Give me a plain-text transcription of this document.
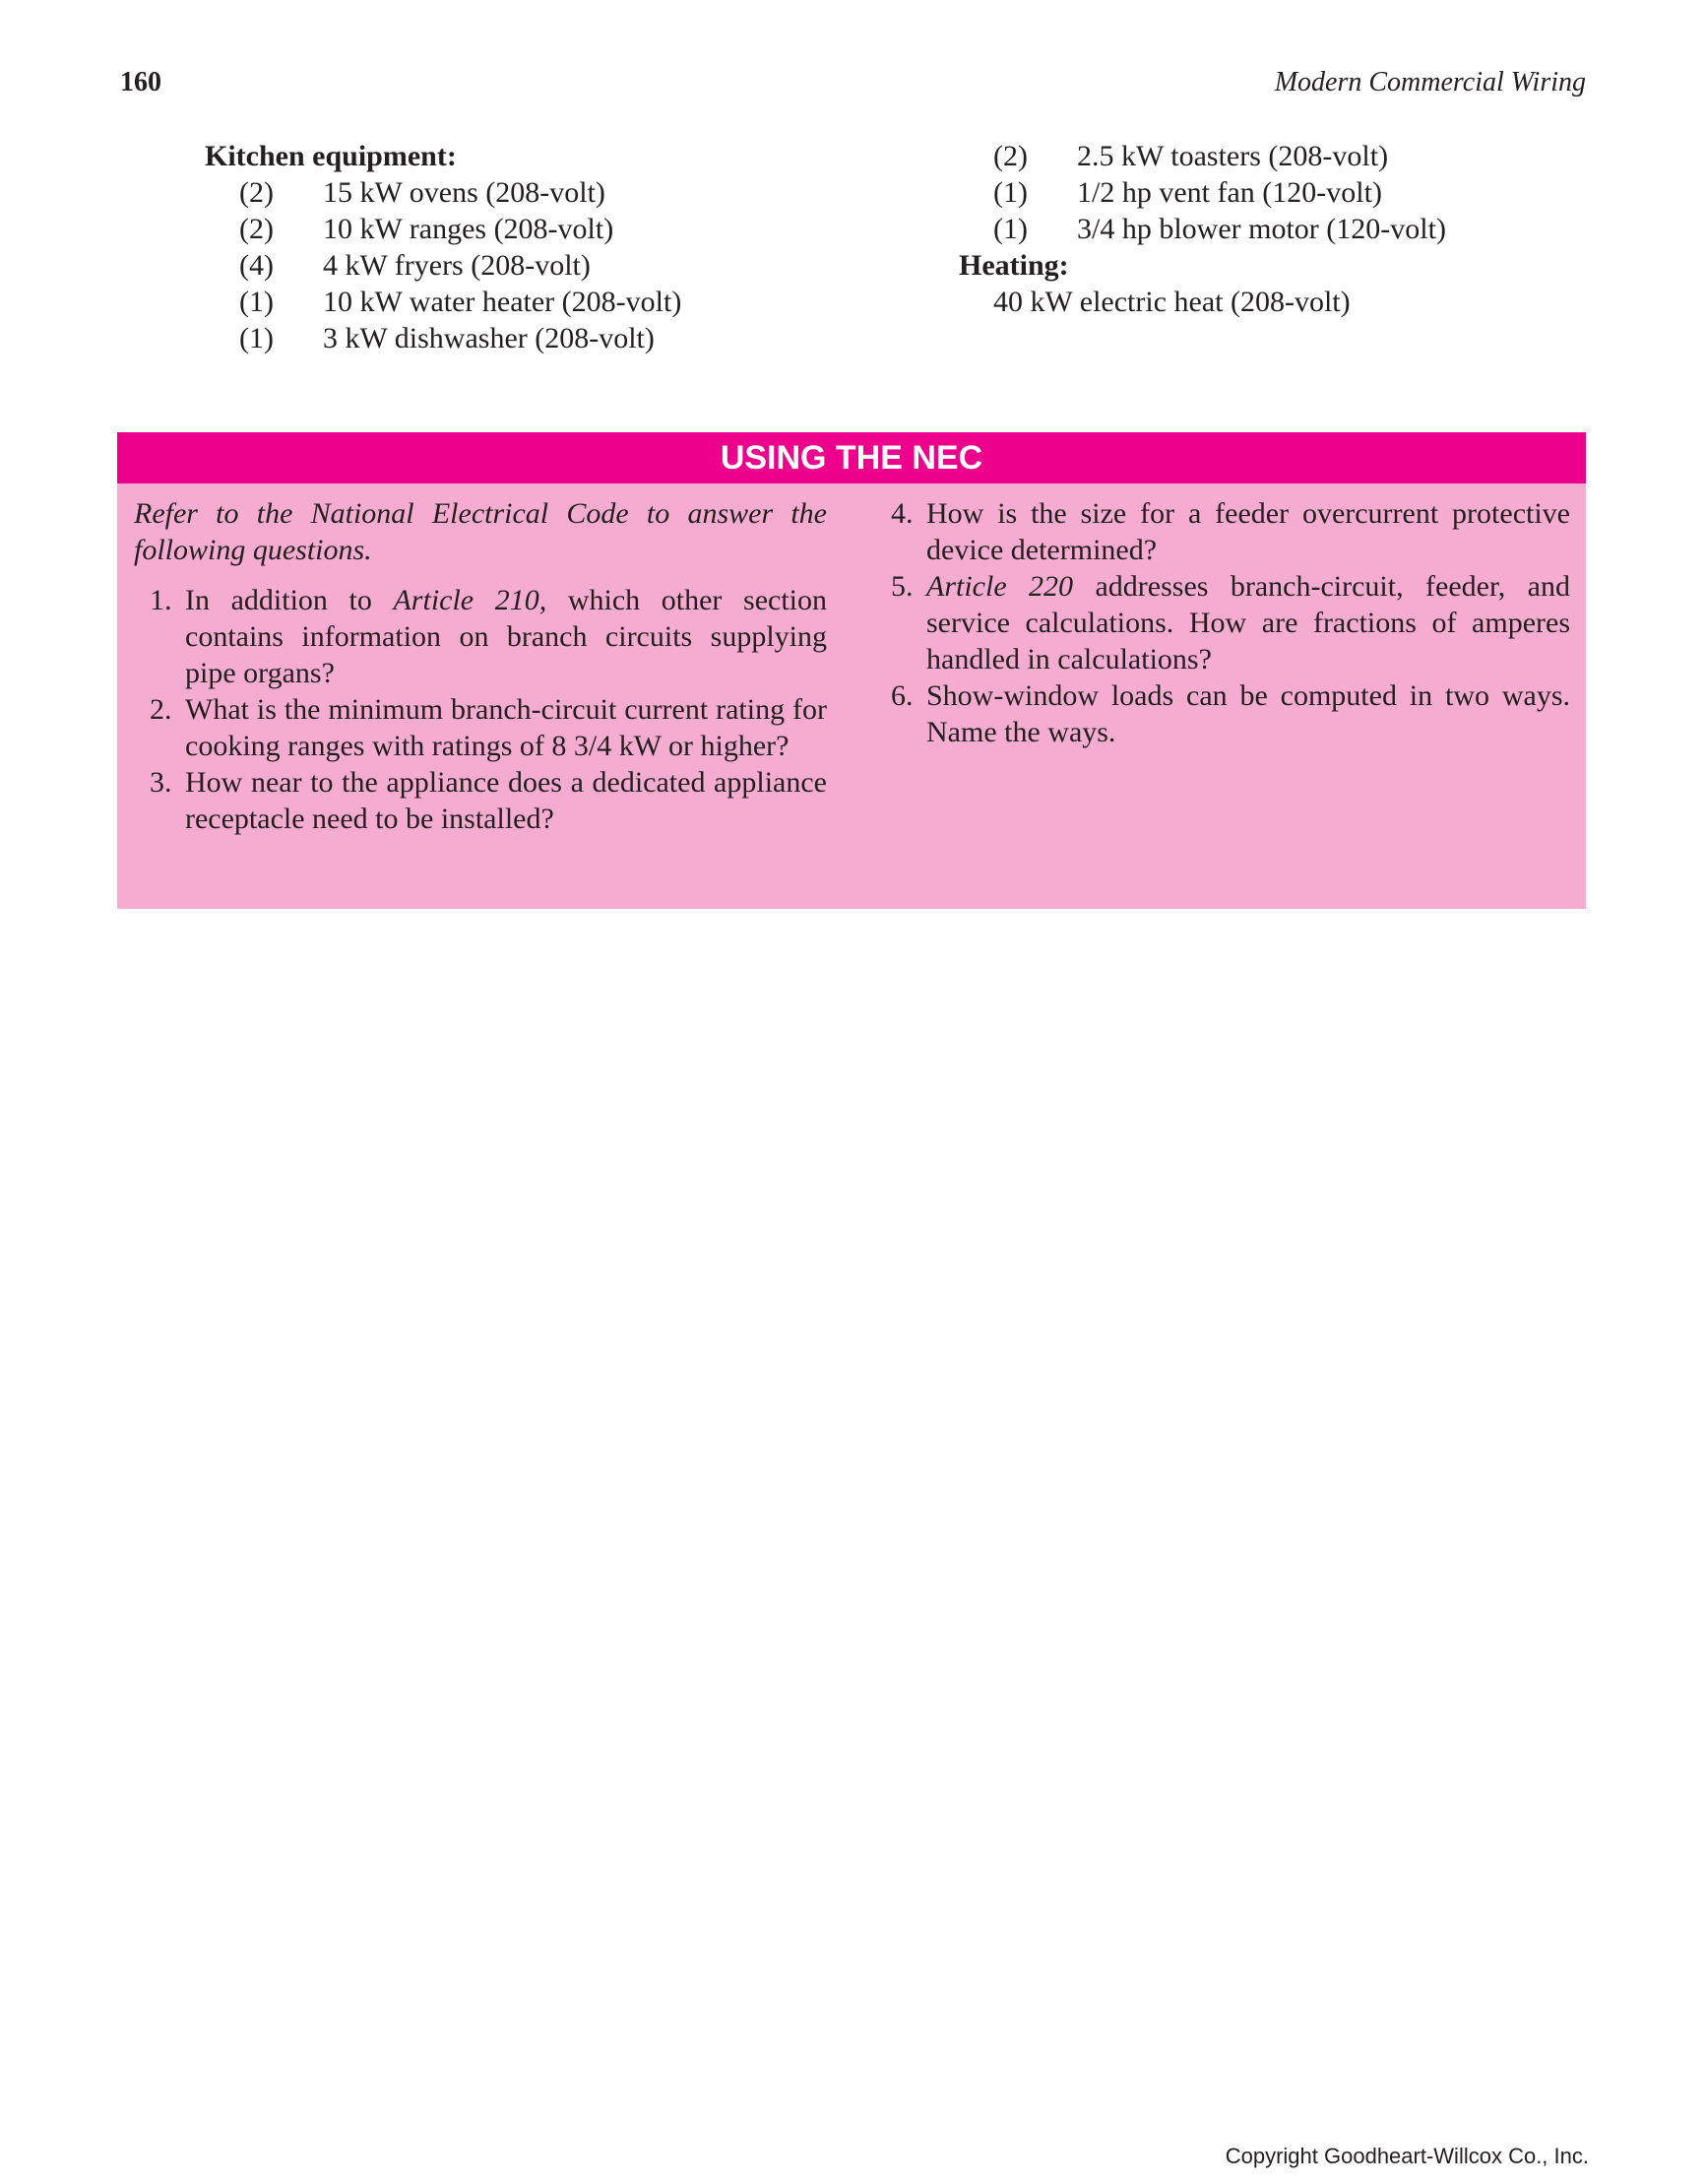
160	Modern Commercial Wiring
Kitchen equipment:
(2)	15 kW ovens (208-volt)
(2)	10 kW ranges (208-volt)
(4)	4 kW fryers (208-volt)
(1)	10 kW water heater (208-volt)
(1)	3 kW dishwasher (208-volt)
(2)	2.5 kW toasters (208-volt)
(1)	1/2 hp vent fan (120-volt)
(1)	3/4 hp blower motor (120-volt)
Heating:
40 kW electric heat (208-volt)
USING THE NEC

Refer to the National Electrical Code to answer the following questions.

1. In addition to Article 210, which other section contains information on branch circuits supplying pipe organs?
2. What is the minimum branch-circuit current rating for cooking ranges with ratings of 8 3/4 kW or higher?
3. How near to the appliance does a dedicated appliance receptacle need to be installed?
4. How is the size for a feeder overcurrent protective device determined?
5. Article 220 addresses branch-circuit, feeder, and service calculations. How are fractions of amperes handled in calculations?
6. Show-window loads can be computed in two ways. Name the ways.
Copyright Goodheart-Willcox Co., Inc.
